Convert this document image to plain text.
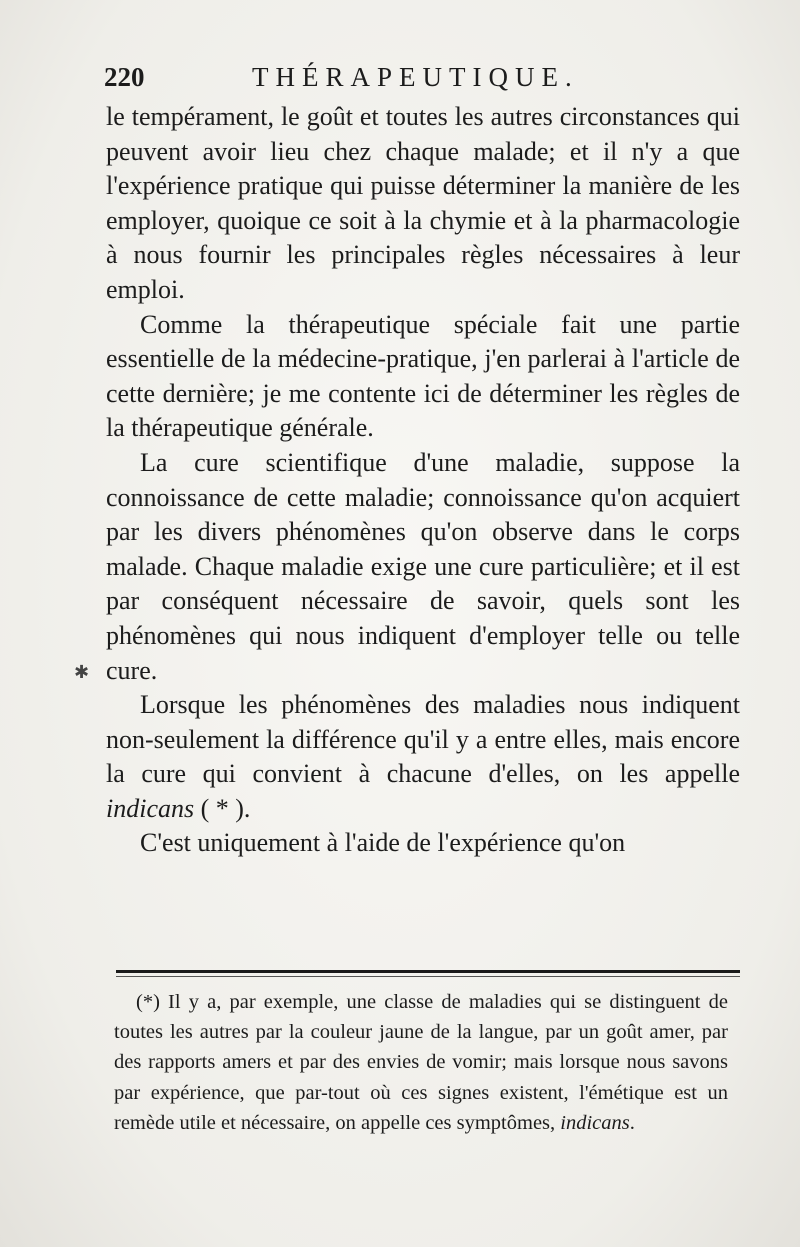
220	THÉRAPEUTIQUE.

le tempérament, le goût et toutes les autres circonstances qui peuvent avoir lieu chez chaque malade; et il n'y a que l'expérience pratique qui puisse déterminer la manière de les employer, quoique ce soit à la chymie et à la pharmacologie à nous fournir les principales règles nécessaires à leur emploi.

Comme la thérapeutique spéciale fait une partie essentielle de la médecine-pratique, j'en parlerai à l'article de cette dernière; je me contente ici de déterminer les règles de la thérapeutique générale.

La cure scientifique d'une maladie, suppose la connoissance de cette maladie; connoissance qu'on acquiert par les divers phénomènes qu'on observe dans le corps malade. Chaque maladie exige une cure particulière; et il est par conséquent nécessaire de savoir, quels sont les phénomènes qui nous indiquent d'employer telle ou telle cure.

Lorsque les phénomènes des maladies nous indiquent non-seulement la différence qu'il y a entre elles, mais encore la cure qui convient à chacune d'elles, on les appelle indicans ( * ).

C'est uniquement à l'aide de l'expérience qu'on

✱
(*) Il y a, par exemple, une classe de maladies qui se distinguent de toutes les autres par la couleur jaune de la langue, par un goût amer, par des rapports amers et par des envies de vomir; mais lorsque nous savons par expérience, que par-tout où ces signes existent, l'émétique est un remède utile et nécessaire, on appelle ces symptômes, indicans.
